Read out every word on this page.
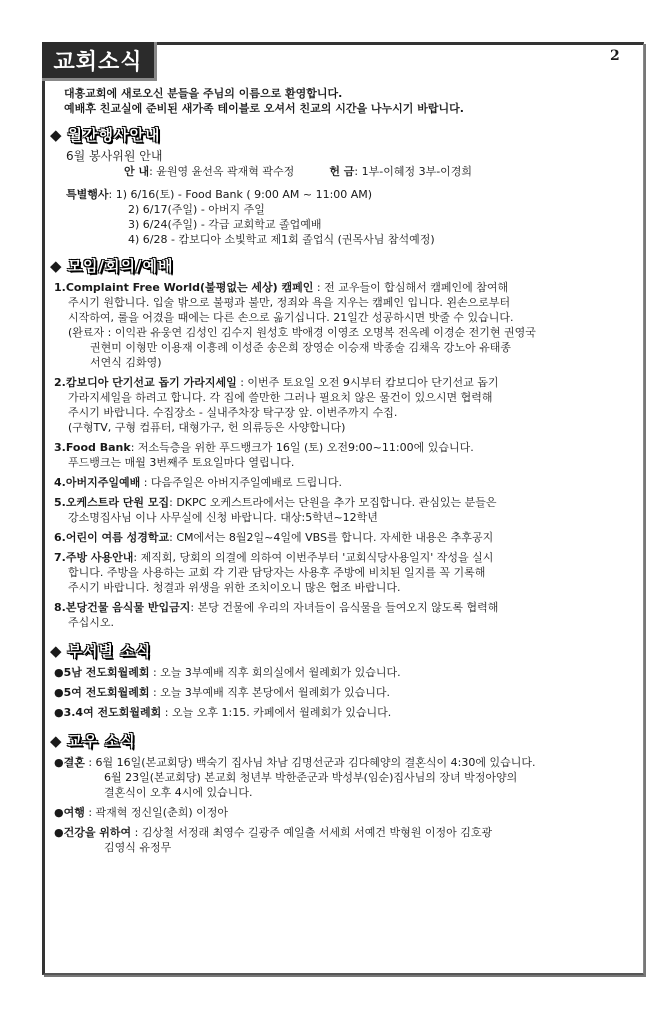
교회소식	2
대흥교회에 새로오신 분들을 주님의 이름으로 환영합니다.
예배후 친교실에 준비된 새가족 테이블로 오셔서 친교의 시간을 나누시기 바랍니다.
◆ 월간행사안내
6월 봉사위원 안내
안 내: 윤원영 윤선옥 곽재혁 곽수정	헌 금: 1부-이혜정 3부-이경희
특별행사: 1) 6/16(토) - Food Bank ( 9:00 AM ~ 11:00 AM)
2) 6/17(주일) - 아버지 주일
3) 6/24(주일) - 각급 교회학교 졸업예배
4) 6/28 - 캄보디아 소빛학교 제1회 졸업식 (권목사님 참석예정)
◆ 모임/회의/예배
1.Complaint Free World(불평없는 세상) 캠페인 : 전 교우들이 합심해서 캠페인에 참여해
주시기 원합니다. 입술 밖으로 불평과 불만, 정죄와 욕을 지우는 캠페인 입니다. 왼손으로부터
시작하여, 룰을 어겼을 때에는 다른 손으로 옮기십니다. 21일간 성공하시면 밧줄 수 있습니다.
(완료자 : 이익관 유웅연 김성인 김수지 원성호 박애경 이영조 오명복 전옥례 이경순 전기현 권영국
권현미 이형만 이용재 이흥례 이성준 송은희 장영순 이승재 박종술 김채옥 강노아 유태종
서연식 김화영)
2.캄보디아 단기선교 돕기 가라지세일 : 이번주 토요일 오전 9시부터 캄보디아 단기선교 돕기
가라지세일을 하려고 합니다. 각 집에 쓸만한 그러나 필요치 않은 물건이 있으시면 협력해
주시기 바랍니다. 수집장소 - 실내주차장 탁구장 앞. 이번주까지 수집.
(구형TV, 구형 컴퓨터, 대형가구, 헌 의류등은 사양합니다)
3.Food Bank: 저소득층을 위한 푸드뱅크가 16일 (토) 오전9:00~11:00에 있습니다.
푸드뱅크는 매월 3번째주 토요일마다 열립니다.
4.아버지주일예배 : 다음주일은 아버지주일예배로 드립니다.
5.오케스트라 단원 모집: DKPC 오케스트라에서는 단원을 추가 모집합니다. 관심있는 분들은
강소명집사님 이나 사무실에 신청 바랍니다. 대상:5학년~12학년
6.어린이 여름 성경학교: CM에서는 8월2일~4일에 VBS를 합니다. 자세한 내용은 추후공지
7.주방 사용안내: 제직회, 당회의 의결에 의하여 이번주부터 '교회식당사용일지' 작성을 실시
합니다. 주방을 사용하는 교회 각 기관 담당자는 사용후 주방에 비치된 일지를 꼭 기록해
주시기 바랍니다. 청결과 위생을 위한 조치이오니 많은 협조 바랍니다.
8.본당건물 음식물 반입금지: 본당 건물에 우리의 자녀들이 음식물을 들여오지 않도록 협력해
주십시오.
◆ 부서별 소식
●5남 전도회월례회 : 오늘 3부예배 직후 회의실에서 월례회가 있습니다.
●5여 전도회월례회 : 오늘 3부예배 직후 본당에서 월례회가 있습니다.
●3.4여 전도회월례회 : 오늘 오후 1:15. 카페에서 월례회가 있습니다.
◆ 교우 소식
●결혼 : 6월 16일(본교회당) 백숙기 집사님 차남 김명선군과 김다혜양의 결혼식이 4:30에 있습니다.
6월 23일(본교회당) 본교회 청년부 박한준군과 박성부(임순)집사님의 장녀 박정아양의
결혼식이 오후 4시에 있습니다.
●여행 : 곽재혁 정신일(춘희) 이정아
●건강을 위하여 : 김상철 서정래 최영수 길광주 예일출 서세희 서예건 박형원 이정아 김호광
김영식 유정무
